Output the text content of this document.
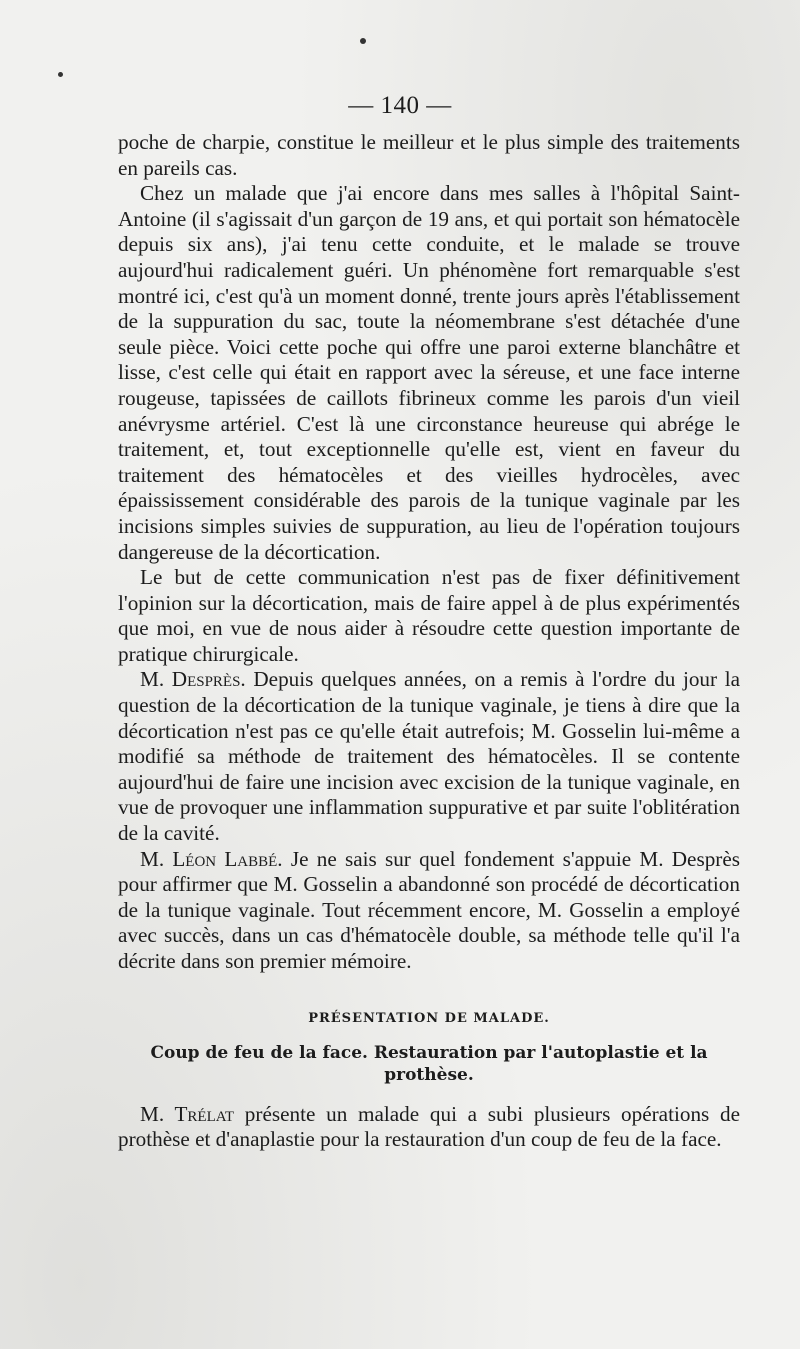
— 140 —

poche de charpie, constitue le meilleur et le plus simple des traitements en pareils cas.

Chez un malade que j'ai encore dans mes salles à l'hôpital Saint-Antoine (il s'agissait d'un garçon de 19 ans, et qui portait son hématocèle depuis six ans), j'ai tenu cette conduite, et le malade se trouve aujourd'hui radicalement guéri. Un phénomène fort remarquable s'est montré ici, c'est qu'à un moment donné, trente jours après l'établissement de la suppuration du sac, toute la néomembrane s'est détachée d'une seule pièce. Voici cette poche qui offre une paroi externe blanchâtre et lisse, c'est celle qui était en rapport avec la séreuse, et une face interne rougeuse, tapissées de caillots fibrineux comme les parois d'un vieil anévrysme artériel. C'est là une circonstance heureuse qui abrége le traitement, et, tout exceptionnelle qu'elle est, vient en faveur du traitement des hématocèles et des vieilles hydrocèles, avec épaississement considérable des parois de la tunique vaginale par les incisions simples suivies de suppuration, au lieu de l'opération toujours dangereuse de la décortication.

Le but de cette communication n'est pas de fixer définitivement l'opinion sur la décortication, mais de faire appel à de plus expérimentés que moi, en vue de nous aider à résoudre cette question importante de pratique chirurgicale.

M. Desprès. Depuis quelques années, on a remis à l'ordre du jour la question de la décortication de la tunique vaginale, je tiens à dire que la décortication n'est pas ce qu'elle était autrefois; M. Gosselin lui-même a modifié sa méthode de traitement des hématocèles. Il se contente aujourd'hui de faire une incision avec excision de la tunique vaginale, en vue de provoquer une inflammation suppurative et par suite l'oblitération de la cavité.

M. Léon Labbé. Je ne sais sur quel fondement s'appuie M. Desprès pour affirmer que M. Gosselin a abandonné son procédé de décortication de la tunique vaginale. Tout récemment encore, M. Gosselin a employé avec succès, dans un cas d'hématocèle double, sa méthode telle qu'il l'a décrite dans son premier mémoire.

PRÉSENTATION DE MALADE.
Coup de feu de la face. Restauration par l'autoplastie et la prothèse.

M. Trélat présente un malade qui a subi plusieurs opérations de prothèse et d'anaplastie pour la restauration d'un coup de feu de la face.
